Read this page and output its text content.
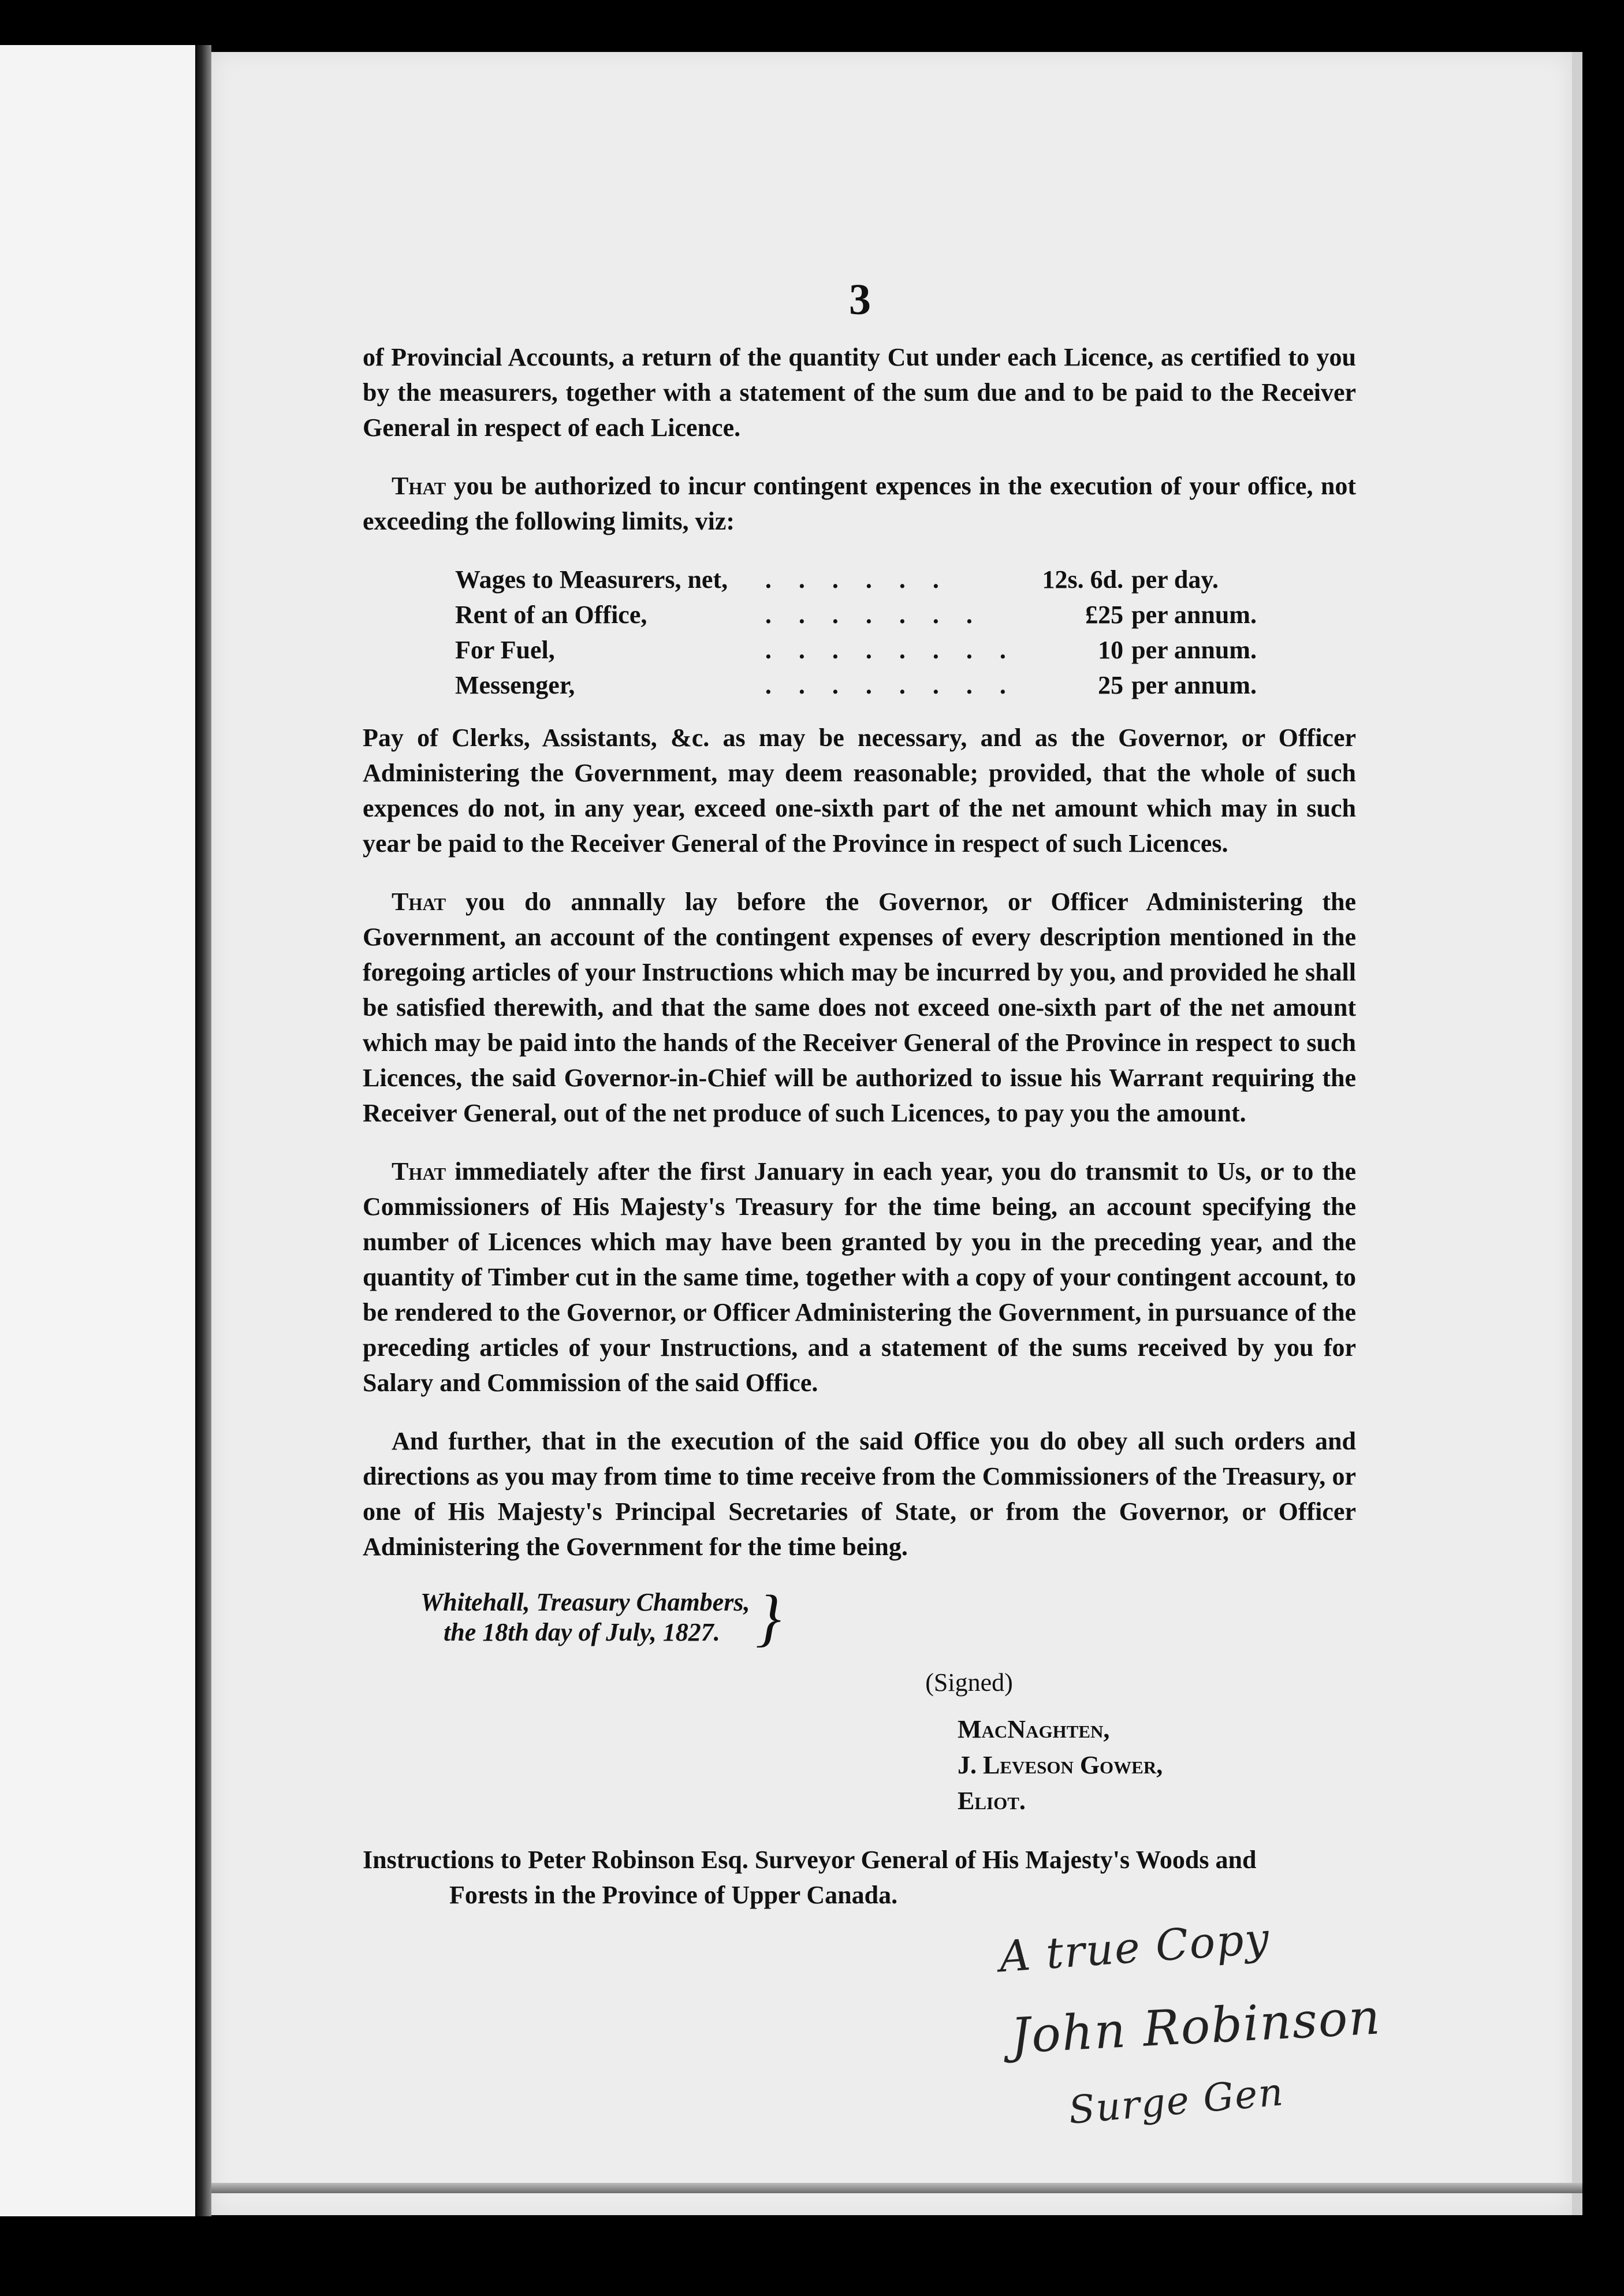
3

of Provincial Accounts, a return of the quantity Cut under each Licence, as certified to you by the measurers, together with a statement of the sum due and to be paid to the Receiver General in respect of each Licence.

That you be authorized to incur contingent expences in the execution of your office, not exceeding the following limits, viz:

Wages to Measurers, net,	. . . . . .	12s. 6d.	per day.
Rent of an Office,	. . . . . . .	£25	per annum.
For Fuel,	. . . . . . . .	10	per annum.
Messenger,	. . . . . . . .	25	per annum.

Pay of Clerks, Assistants, &c. as may be necessary, and as the Governor, or Officer Administering the Government, may deem reasonable; provided, that the whole of such expences do not, in any year, exceed one-sixth part of the net amount which may in such year be paid to the Receiver General of the Province in respect of such Licences.

That you do annnally lay before the Governor, or Officer Administering the Government, an account of the contingent expenses of every description mentioned in the foregoing articles of your Instructions which may be incurred by you, and provided he shall be satisfied therewith, and that the same does not exceed one-sixth part of the net amount which may be paid into the hands of the Receiver General of the Province in respect to such Licences, the said Governor-in-Chief will be authorized to issue his Warrant requiring the Receiver General, out of the net produce of such Licences, to pay you the amount.

That immediately after the first January in each year, you do transmit to Us, or to the Commissioners of His Majesty's Treasury for the time being, an account specifying the number of Licences which may have been granted by you in the preceding year, and the quantity of Timber cut in the same time, together with a copy of your contingent account, to be rendered to the Governor, or Officer Administering the Government, in pursuance of the preceding articles of your Instructions, and a statement of the sums received by you for Salary and Commission of the said Office.

And further, that in the execution of the said Office you do obey all such orders and directions as you may from time to time receive from the Commissioners of the Treasury, or one of His Majesty's Principal Secretaries of State, or from the Governor, or Officer Administering the Government for the time being.

Whitehall, Treasury Chambers,
the 18th day of July, 1827. }
(Signed)
MacNaghten,
J. Leveson Gower,
Eliot.
Instructions to Peter Robinson Esq. Surveyor General of His Majesty's Woods and
Forests in the Province of Upper Canada.
A true Copy
John Robinson
Surge Gen
